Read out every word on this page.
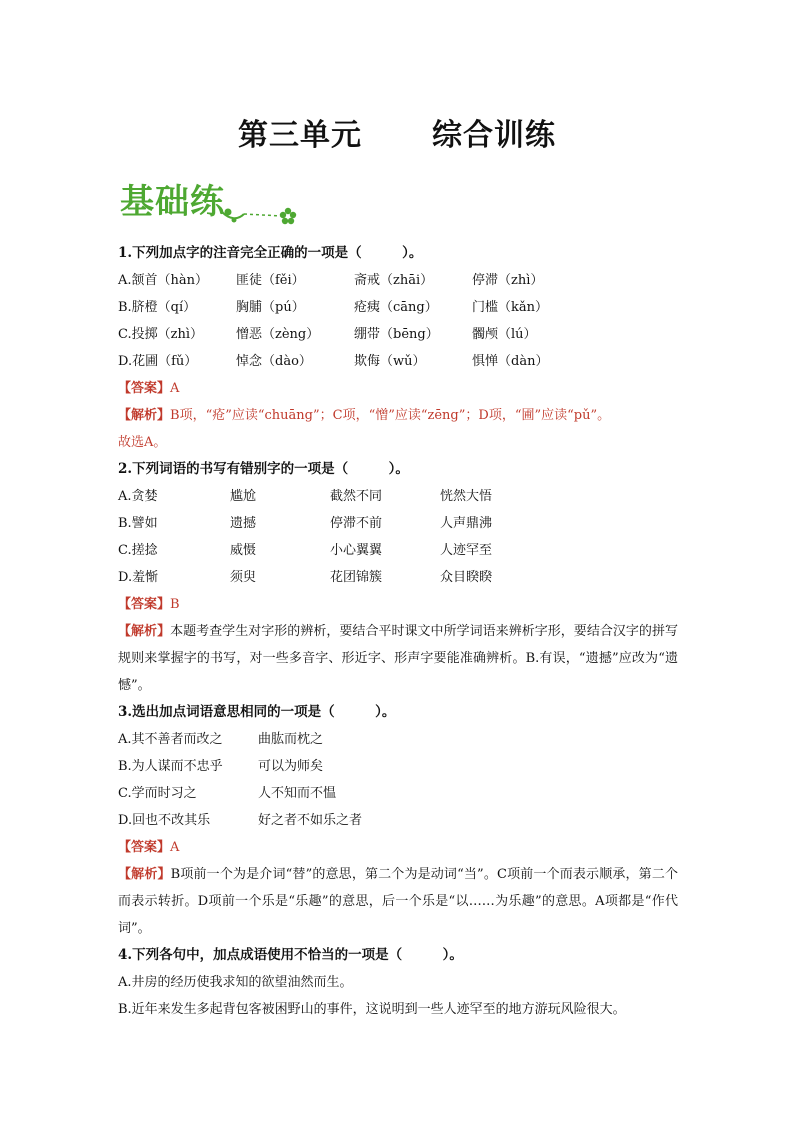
第三单元 综合训练
基础练
1.下列加点字的注音完全正确的一项是（　　　）。
A.颔首（hàn） 匪徒（fěi）	斋戒（zhāi）	停滞（zhì）
B.脐橙（qí）	胸脯（pú）	疮痍（cāng）	门槛（kǎn）
C.投掷（zhì）	憎恶（zèng）	绷带（bēng）	髑颅（lú）
D.花圃（fǔ）	悼念（dào）	欺侮（wǔ）	惧惮（dàn）
【答案】A
【解析】B项，“疮”应读“chuāng”；C项，“憎”应读“zēng”；D项，“圃”应读“pǔ”。
故选A。
2.下列词语的书写有错别字的一项是（　　　）。
A.贪婪	尴尬	截然不同	恍然大悟
B.譬如	遗撼	停滞不前	人声鼎沸
C.搓捻	威慑	小心翼翼	人迹罕至
D.羞惭	须臾	花团锦簇	众目睽睽
【答案】B
【解析】本题考查学生对字形的辨析，要结合平时课文中所学词语来辨析字形，要结合汉字的拼写规则来掌握字的书写，对一些多音字、形近字、形声字要能准确辨析。B.有误，“遗撼”应改为“遗憾”。
3.选出加点词语意思相同的一项是（　　　）。
A.其不善者而改之	曲肱而枕之
B.为人谋而不忠乎	可以为师矣
C.学而时习之	人不知而不愠
D.回也不改其乐	好之者不如乐之者
【答案】A
【解析】B项前一个为是介词“替”的意思，第二个为是动词“当”。C项前一个而表示顺承，第二个而表示转折。D项前一个乐是“乐趣”的意思，后一个乐是“以……为乐趣”的意思。A项都是“作代词”。
4.下列各句中，加点成语使用不恰当的一项是（　　　）。
A.井房的经历使我求知的欲望油然而生。
B.近年来发生多起背包客被困野山的事件，这说明到一些人迹罕至的地方游玩风险很大。
